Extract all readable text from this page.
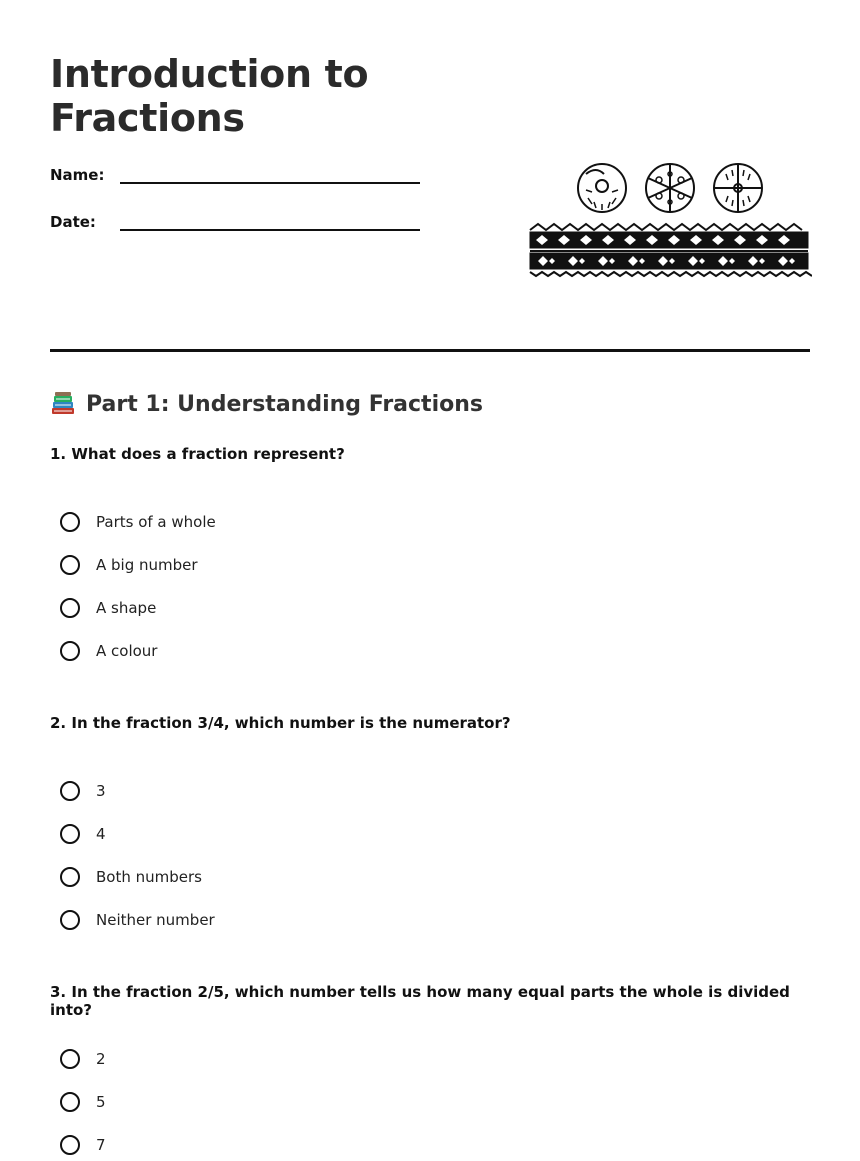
Introduction to Fractions
Name:
Date:
Part 1: Understanding Fractions
1. What does a fraction represent?
Parts of a whole
A big number
A shape
A colour
2. In the fraction 3/4, which number is the numerator?
3
4
Both numbers
Neither number
3. In the fraction 2/5, which number tells us how many equal parts the whole is divided into?
2
5
7
